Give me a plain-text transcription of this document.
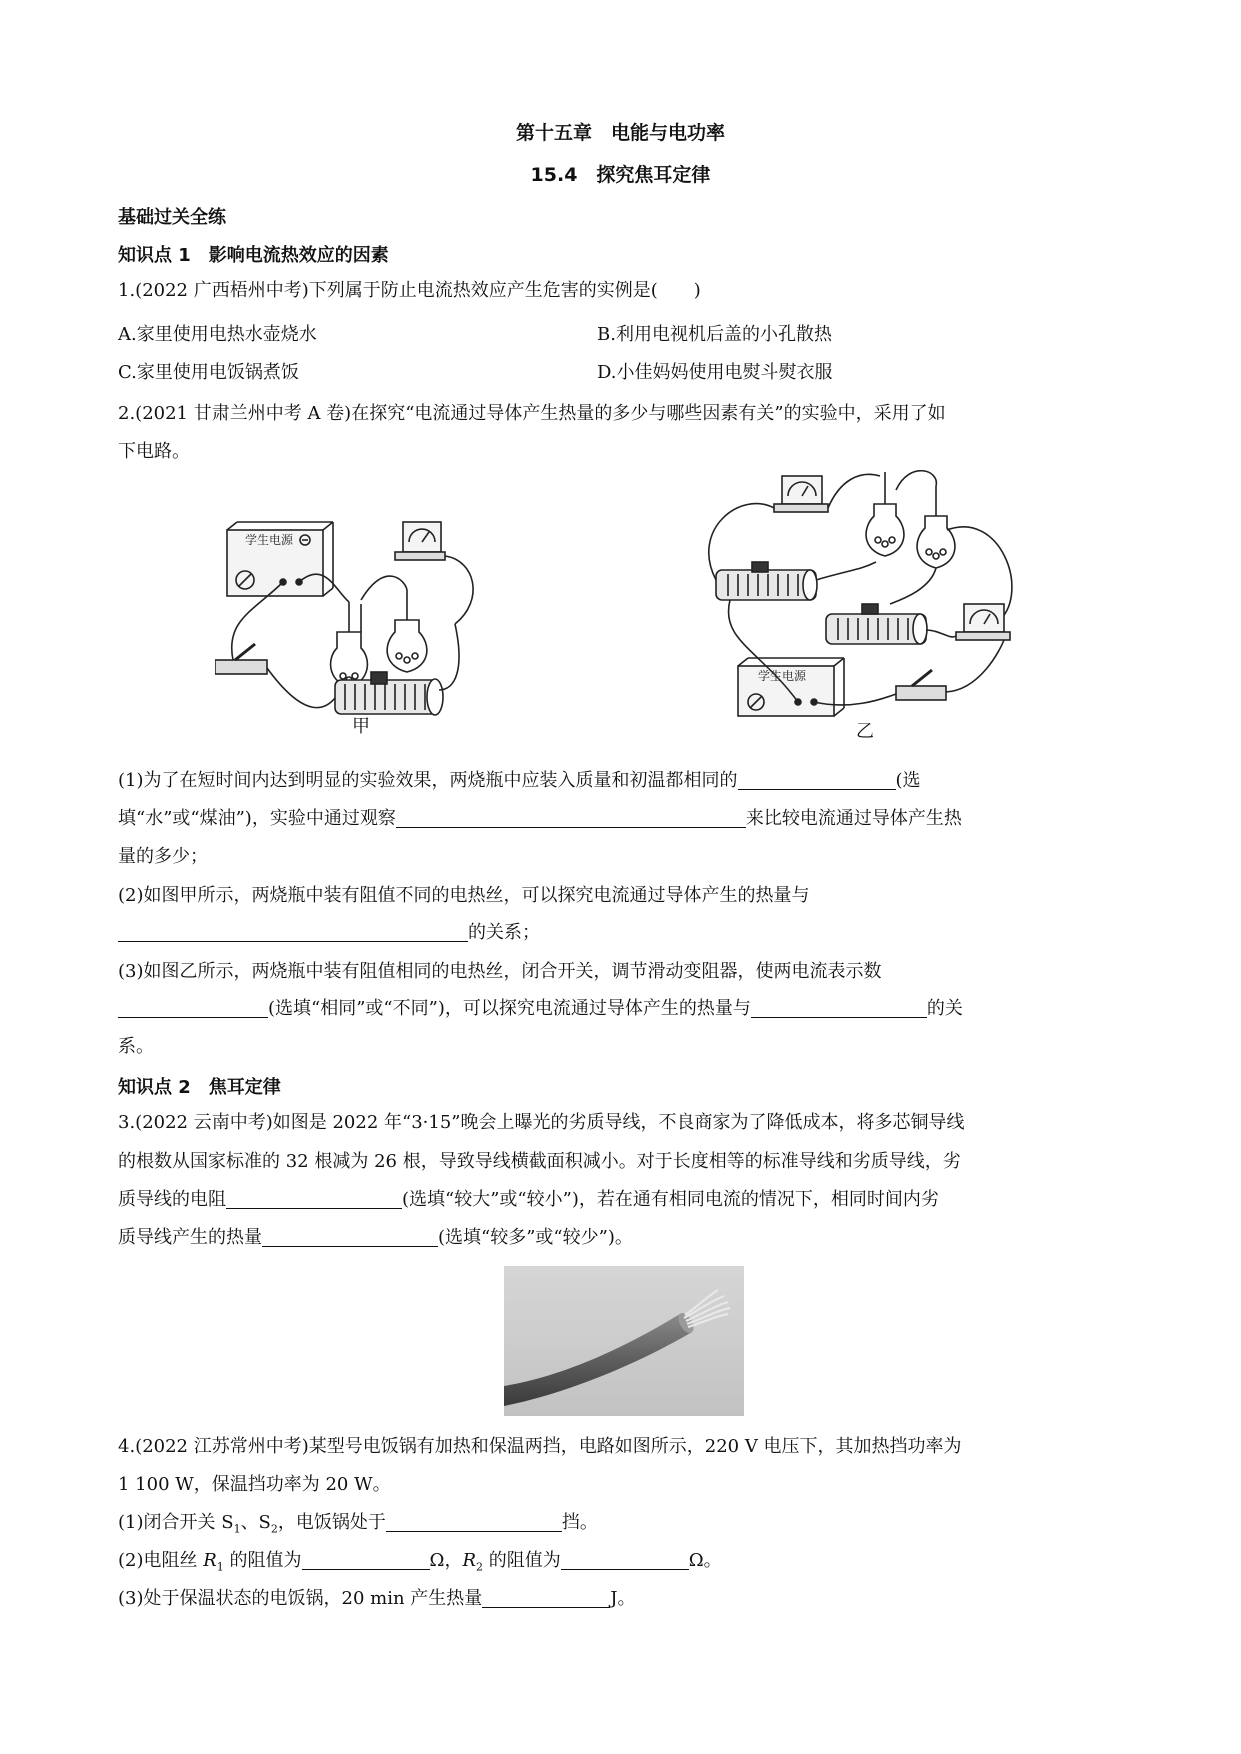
第十五章　电能与电功率
15.4　探究焦耳定律
基础过关全练
知识点 1　影响电流热效应的因素
1.(2022 广西梧州中考)下列属于防止电流热效应产生危害的实例是(　　)
A.家里使用电热水壶烧水	B.利用电视机后盖的小孔散热
C.家里使用电饭锅煮饭	D.小佳妈妈使用电熨斗熨衣服
2.(2021 甘肃兰州中考 A 卷)在探究“电流通过导体产生热量的多少与哪些因素有关”的实验中，采用了如
下电路。
学生电源
甲
学生电源
乙
(1)为了在短时间内达到明显的实验效果，两烧瓶中应装入质量和初温都相同的	(选
填“水”或“煤油”)，实验中通过观察	来比较电流通过导体产生热
量的多少；
(2)如图甲所示，两烧瓶中装有阻值不同的电热丝，可以探究电流通过导体产生的热量与
的关系；
(3)如图乙所示，两烧瓶中装有阻值相同的电热丝，闭合开关，调节滑动变阻器，使两电流表示数
(选填“相同”或“不同”)，可以探究电流通过导体产生的热量与	的关
系。
知识点 2　焦耳定律
3.(2022 云南中考)如图是 2022 年“3·15”晚会上曝光的劣质导线，不良商家为了降低成本，将多芯铜导线
的根数从国家标准的 32 根减为 26 根，导致导线横截面积减小。对于长度相等的标准导线和劣质导线，劣
质导线的电阻	(选填“较大”或“较小”)，若在通有相同电流的情况下，相同时间内劣
质导线产生的热量	(选填“较多”或“较少”)。
4.(2022 江苏常州中考)某型号电饭锅有加热和保温两挡，电路如图所示，220 V 电压下，其加热挡功率为
1 100 W，保温挡功率为 20 W。
(1)闭合开关 $S_1$、$S_2$，电饭锅处于	挡。
(2)电阻丝 $R_1$ 的阻值为	Ω，$R_2$ 的阻值为	Ω。
(3)处于保温状态的电饭锅，20 min 产生热量	J。
